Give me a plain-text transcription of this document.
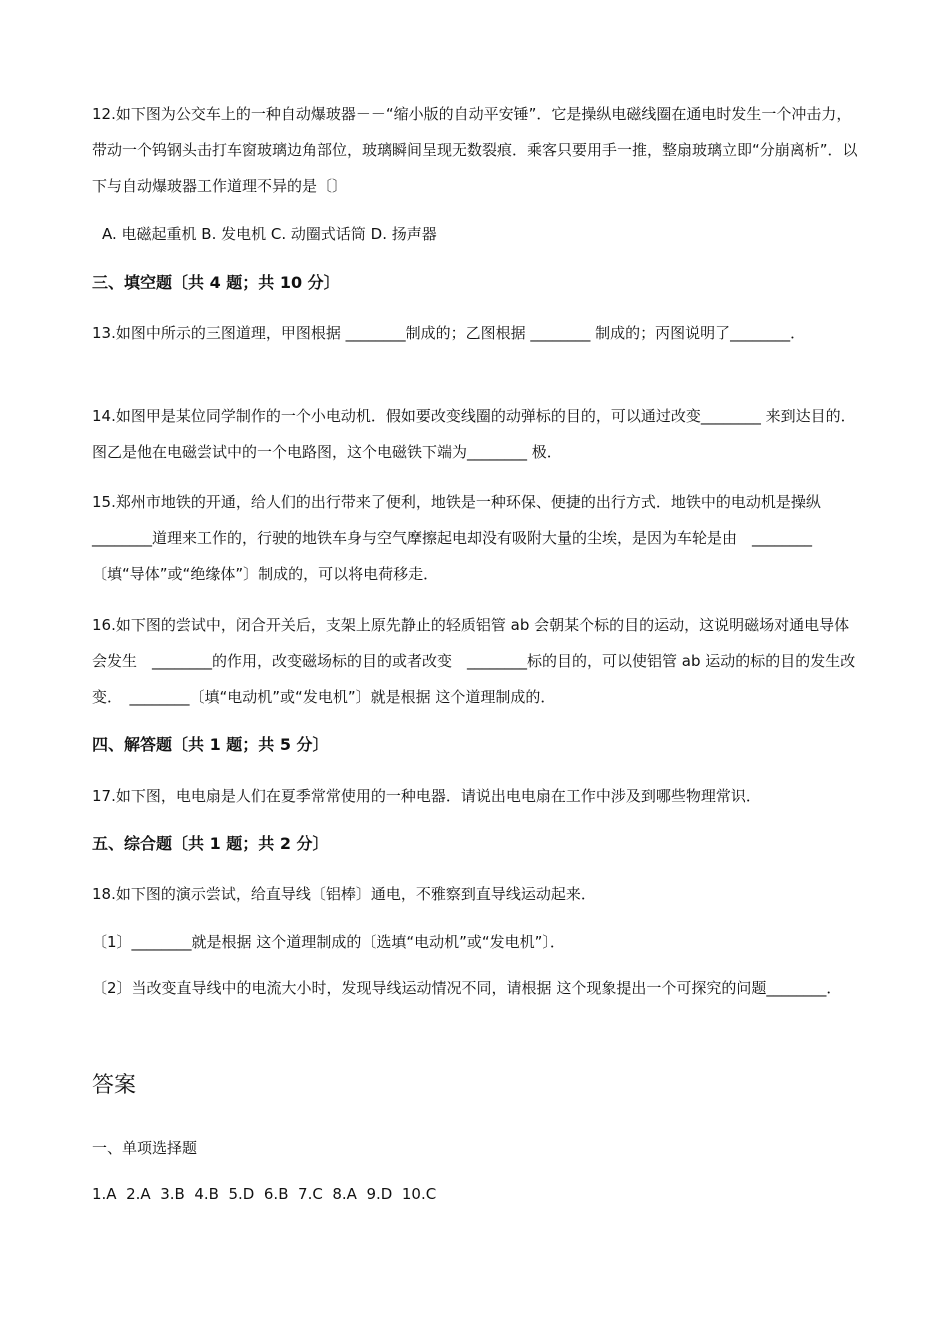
12.如下图为公交车上的一种自动爆玻器－－“缩小版的自动平安锤”．它是操纵电磁线圈在通电时发生一个冲击力，带动一个钨钢头击打车窗玻璃边角部位，玻璃瞬间呈现无数裂痕．乘客只要用手一推，整扇玻璃立即“分崩离析”．以下与自动爆玻器工作道理不异的是〔〕

A. 电磁起重机 B. 发电机 C. 动圈式话筒 D. 扬声器

三、填空题〔共 4 题；共 10 分〕

13.如图中所示的三图道理，甲图根据 ________制成的；乙图根据 ________ 制成的；丙图说明了________．

14.如图甲是某位同学制作的一个小电动机．假如要改变线圈的动弹标的目的，可以通过改变________ 来到达目的．图乙是他在电磁尝试中的一个电路图，这个电磁铁下端为________ 极．

15.郑州市地铁的开通，给人们的出行带来了便利，地铁是一种环保、便捷的出行方式．地铁中的电动机是操纵　________道理来工作的，行驶的地铁车身与空气摩擦起电却没有吸附大量的尘埃，是因为车轮是由　________〔填“导体”或“绝缘体”〕制成的，可以将电荷移走．

16.如下图的尝试中，闭合开关后，支架上原先静止的轻质铝管 ab 会朝某个标的目的运动，这说明磁场对通电导体会发生　________的作用，改变磁场标的目的或者改变　________标的目的，可以使铝管 ab 运动的标的目的发生改变．　________〔填“电动机”或“发电机”〕就是根据 这个道理制成的．

四、解答题〔共 1 题；共 5 分〕

17.如下图，电电扇是人们在夏季常常使用的一种电器．请说出电电扇在工作中涉及到哪些物理常识．

五、综合题〔共 1 题；共 2 分〕

18.如下图的演示尝试，给直导线〔铝棒〕通电，不雅察到直导线运动起来．

〔1〕________就是根据 这个道理制成的〔选填“电动机”或“发电机”〕．

〔2〕当改变直导线中的电流大小时，发现导线运动情况不同，请根据 这个现象提出一个可探究的问题________．

答案

一、单项选择题

1.A  2.A  3.B  4.B  5.D  6.B  7.C  8.A  9.D  10.C
